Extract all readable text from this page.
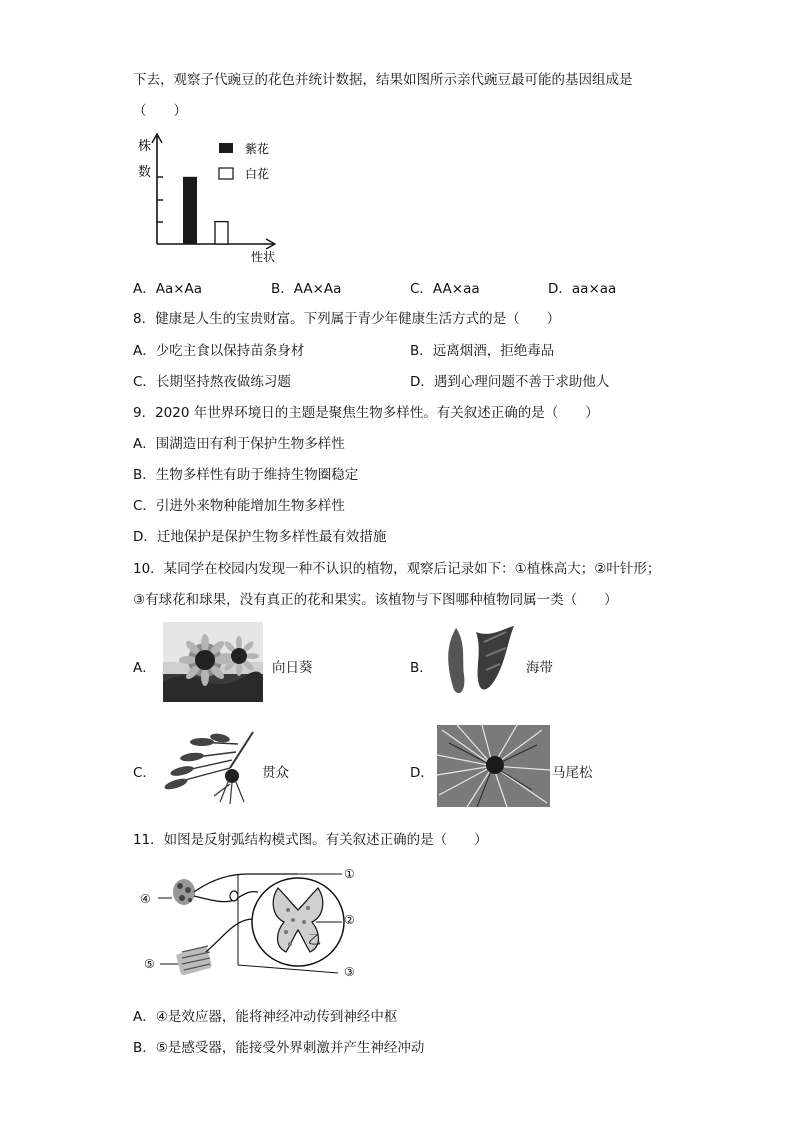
下去，观察子代豌豆的花色并统计数据，结果如图所示亲代豌豆最可能的基因组成是
（　　）
株
数
紫花
白花
性状
A．Aa×Aa	B．AA×Aa	C．AA×aa	D．aa×aa
8．健康是人生的宝贵财富。下列属于青少年健康生活方式的是（　　）
A．少吃主食以保持苗条身材	B．远离烟酒，拒绝毒品
C．长期坚持熬夜做练习题	D．遇到心理问题不善于求助他人
9．2020 年世界环境日的主题是聚焦生物多样性。有关叙述正确的是（　　）
A．围湖造田有利于保护生物多样性
B．生物多样性有助于维持生物圈稳定
C．引进外来物种能增加生物多样性
D．迁地保护是保护生物多样性最有效措施
10．某同学在校园内发现一种不认识的植物，观察后记录如下：①植株高大；②叶针形；
③有球花和球果，没有真正的花和果实。该植物与下图哪种植物同属一类（　　）
A．	向日葵	B．	海带
C．	贯众	D．	马尾松
11．如图是反射弧结构模式图。有关叙述正确的是（　　）
④
⑤
①
②
③
乙
A．④是效应器，能将神经冲动传到神经中枢
B．⑤是感受器，能接受外界刺激并产生神经冲动
